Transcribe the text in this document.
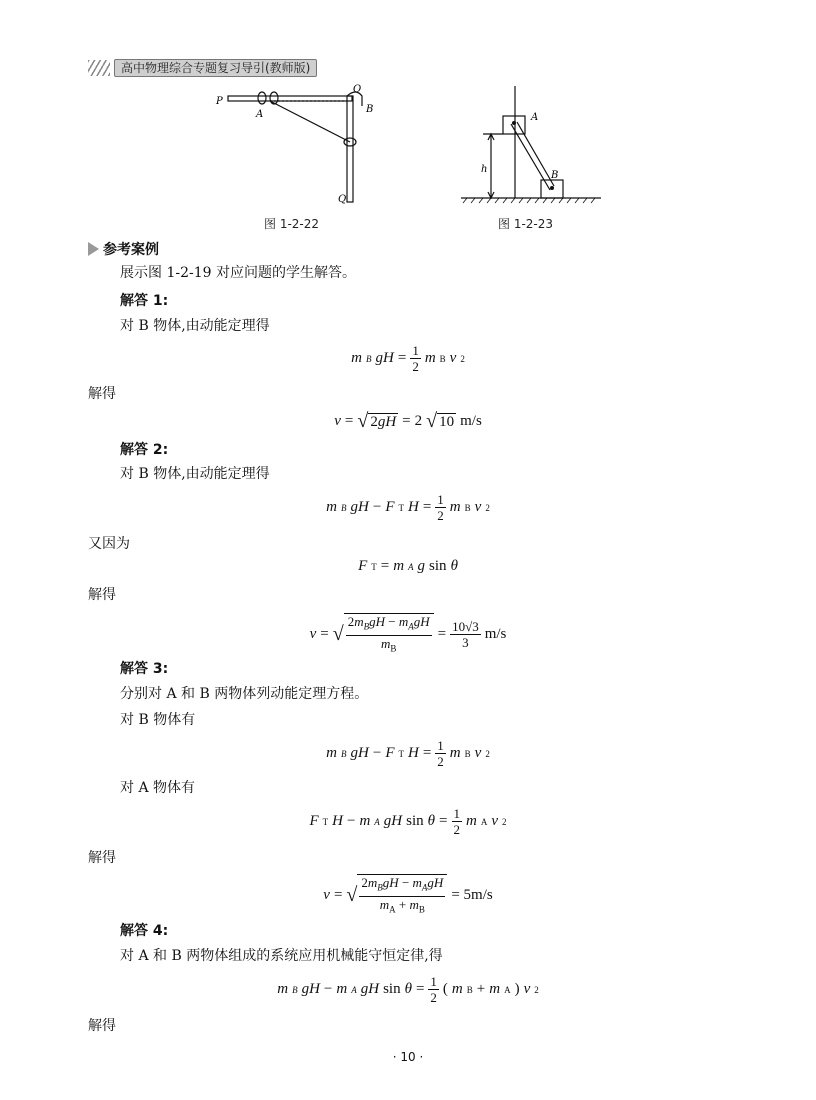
高中物理综合专题复习导引(教师版)
P
A
O
B
Q
图 1-2-22
A
B
h
图 1-2-23
参考案例
展示图 1-2-19 对应问题的学生解答。
解答 1:
对 B 物体,由动能定理得
m B gH = $\frac{1}{2}$ m B v 2
解得
v = √ 2gH = 2 √ 10 m/s
解答 2:
对 B 物体,由动能定理得
m B gH − F T $H = \frac{1}{2}$ m B v 2
又因为
F T = m A g sin θ
解得
v = √ $\frac{2m_BgH - m_AgH}{m_B} = \frac{10√3}{3} m/s$
解答 3:
分别对 A 和 B 两物体列动能定理方程。
对 B 物体有
m B gH − F T $H = \frac{1}{2}$ m B v 2
对 A 物体有
F T H − m A gH $\sin \theta = \frac{1}{2}$ m A v 2
解得
v = √ $\frac{2m_BgH - m_AgH}{m_A + m_B} = 5m/s$
解答 4:
对 A 和 B 两物体组成的系统应用机械能守恒定律,得
m B gH − m A gH $\sin \theta = \frac{1}{2}$ ( m B + m A ) v 2
解得
· 10 ·
